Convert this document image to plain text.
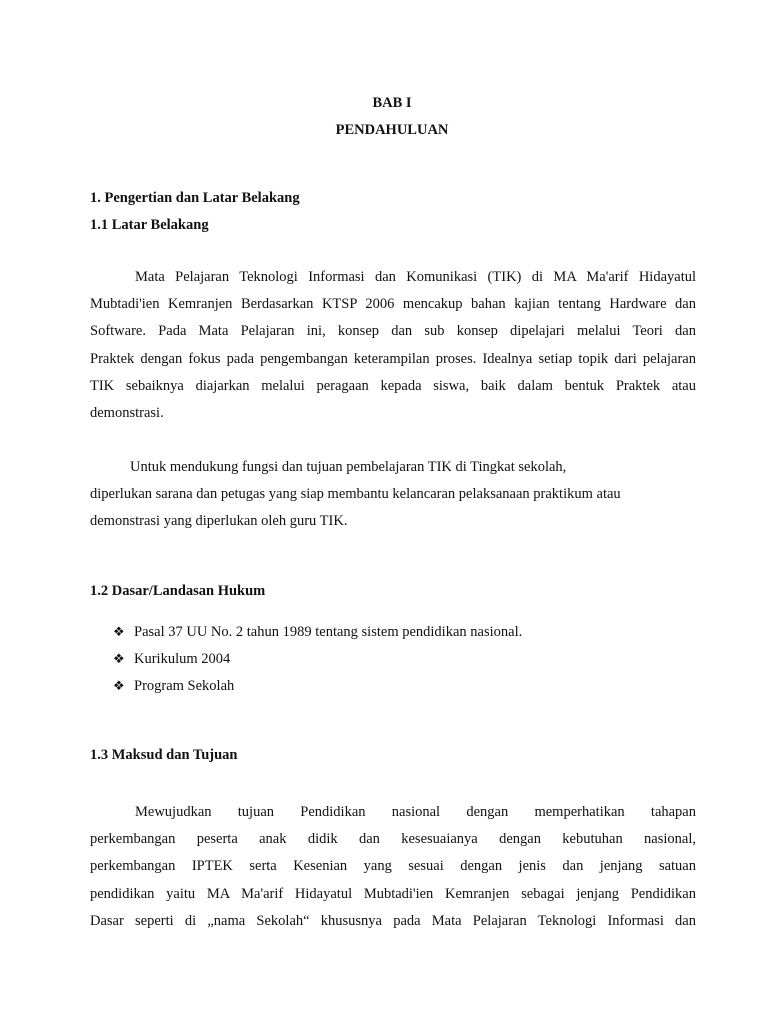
BAB I
PENDAHULUAN
1. Pengertian dan Latar Belakang
1.1 Latar Belakang
Mata Pelajaran Teknologi Informasi dan Komunikasi (TIK) di MA Ma'arif Hidayatul
Mubtadi'ien Kemranjen Berdasarkan KTSP 2006 mencakup bahan kajian tentang Hardware dan
Software. Pada Mata Pelajaran ini, konsep dan sub konsep dipelajari melalui Teori dan
Praktek dengan fokus pada pengembangan keterampilan proses. Idealnya setiap topik dari pelajaran
TIK sebaiknya diajarkan melalui peragaan kepada siswa, baik dalam bentuk Praktek atau
demonstrasi.
Untuk mendukung fungsi dan tujuan pembelajaran TIK di Tingkat sekolah,
diperlukan sarana dan petugas yang siap membantu kelancaran pelaksanaan praktikum atau
demonstrasi yang diperlukan oleh guru TIK.
1.2 Dasar/Landasan Hukum
❖ Pasal 37 UU No. 2 tahun 1989 tentang sistem pendidikan nasional.
❖ Kurikulum 2004
❖ Program Sekolah
1.3 Maksud dan Tujuan
Mewujudkan tujuan Pendidikan nasional dengan memperhatikan tahapan
perkembangan peserta anak didik dan kesesuaianya dengan kebutuhan nasional,
perkembangan IPTEK serta Kesenian yang sesuai dengan jenis dan jenjang satuan
pendidikan yaitu MA Ma'arif Hidayatul Mubtadi'ien Kemranjen sebagai jenjang Pendidikan
Dasar seperti di „nama Sekolah“ khususnya pada Mata Pelajaran Teknologi Informasi dan
